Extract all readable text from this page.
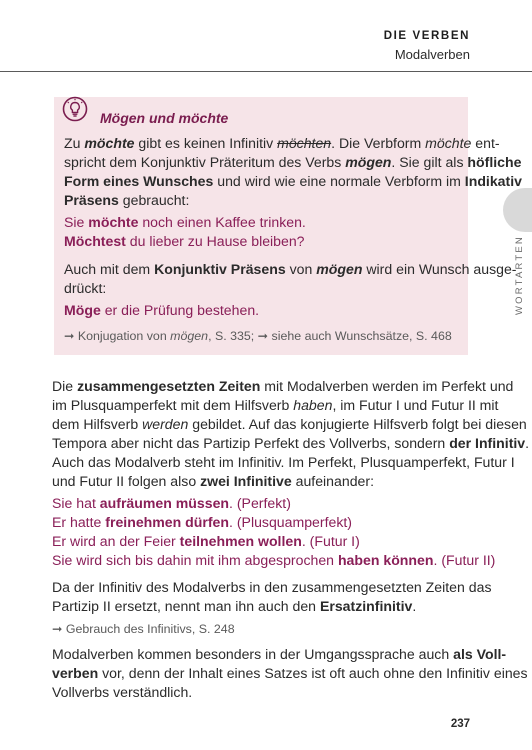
DIE VERBEN
Modalverben
WORTARTEN
Mögen und möchte
Zu möchte gibt es keinen Infinitiv möchten. Die Verbform möchte ent-
spricht dem Konjunktiv Präteritum des Verbs mögen. Sie gilt als höfliche
Form eines Wunsches und wird wie eine normale Verbform im Indikativ
Präsens gebraucht:
Sie möchte noch einen Kaffee trinken.
Möchtest du lieber zu Hause bleiben?
Auch mit dem Konjunktiv Präsens von mögen wird ein Wunsch ausge-
drückt:
Möge er die Prüfung bestehen.
➞ Konjugation von mögen, S. 335; ➞ siehe auch Wunschsätze, S. 468
Die zusammengesetzten Zeiten mit Modalverben werden im Perfekt und
im Plusquamperfekt mit dem Hilfsverb haben, im Futur I und Futur II mit
dem Hilfsverb werden gebildet. Auf das konjugierte Hilfsverb folgt bei diesen
Tempora aber nicht das Partizip Perfekt des Vollverbs, sondern der Infinitiv.
Auch das Modalverb steht im Infinitiv. Im Perfekt, Plusquamperfekt, Futur I
und Futur II folgen also zwei Infinitive aufeinander:
Sie hat aufräumen müssen. (Perfekt)
Er hatte freinehmen dürfen. (Plusquamperfekt)
Er wird an der Feier teilnehmen wollen. (Futur I)
Sie wird sich bis dahin mit ihm abgesprochen haben können. (Futur II)
Da der Infinitiv des Modalverbs in den zusammengesetzten Zeiten das
Partizip II ersetzt, nennt man ihn auch den Ersatzinfinitiv.
➞ Gebrauch des Infinitivs, S. 248
Modalverben kommen besonders in der Umgangssprache auch als Voll-
verben vor, denn der Inhalt eines Satzes ist oft auch ohne den Infinitiv eines
Vollverbs verständlich.
237
